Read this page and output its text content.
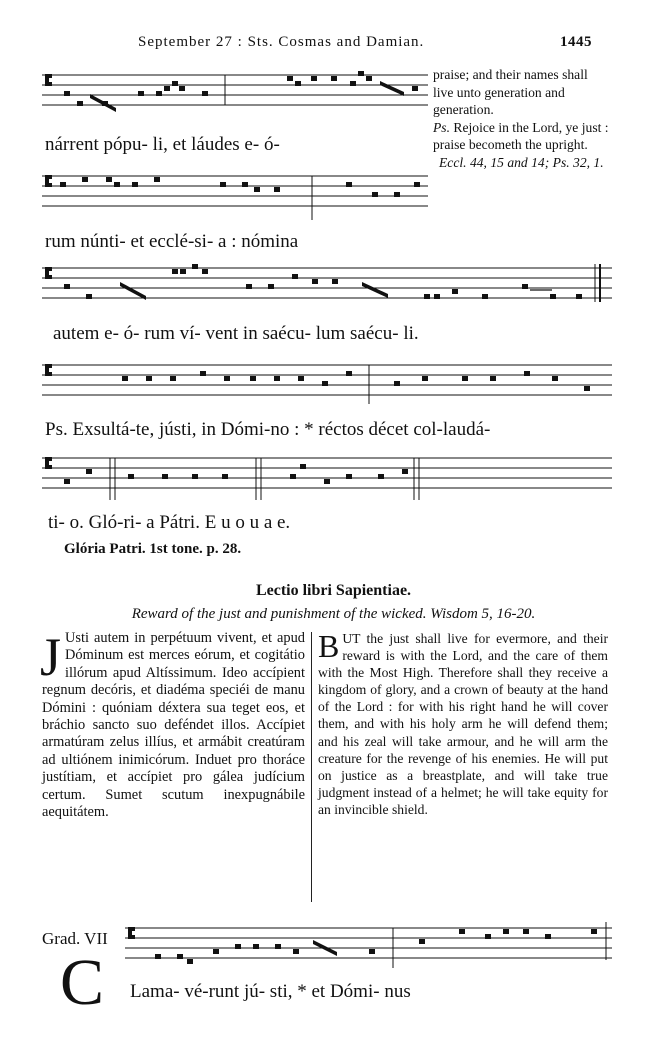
September 27 : Sts. Cosmas and Damian.	1445
nárrent pópu- li, et láudes e- ó-
rum núnti- et ecclé-si- a : nómina
praise; and their names shall live unto generation and generation.
Ps. Rejoice in the Lord, ye just : praise becometh the upright.
Eccl. 44, 15 and 14; Ps. 32, 1.
autem e- ó- rum ví- vent in saécu- lum saécu- li.
Ps. Exsultá-te, jústi, in Dómi-no : * réctos décet col-laudá-
ti- o. Gló-ri- a Pátri. E u o u a e.
Glória Patri. 1st tone. p. 28.
Lectio libri Sapientiae.
Reward of the just and punishment of the wicked. Wisdom 5, 16-20.
J Usti autem in perpétuum vivent, et apud Dóminum est merces eórum, et cogitátio illórum apud Altíssimum. Ideo accípient regnum decóris, et diadéma speciéi de manu Dómini : quóniam déxtera sua teget eos, et bráchio sancto suo deféndet illos. Accípiet armatúram zelus illíus, et armábit creatúram ad ultiónem inimicórum. Induet pro thoráce justítiam, et accípiet pro gálea judícium certum. Sumet scutum inexpugnábile aequitátem.
BUT the just shall live for evermore, and their reward is with the Lord, and the care of them with the Most High. Therefore shall they receive a kingdom of glory, and a crown of beauty at the hand of the Lord : for with his right hand he will cover them, and with his holy arm he will defend them; and his zeal will take armour, and he will arm the creature for the revenge of his enemies. He will put on justice as a breastplate, and will take true judgment instead of a helmet; he will take equity for an invincible shield.
Grad. VII
C Lama- vé-runt jú- sti, * et Dómi- nus
